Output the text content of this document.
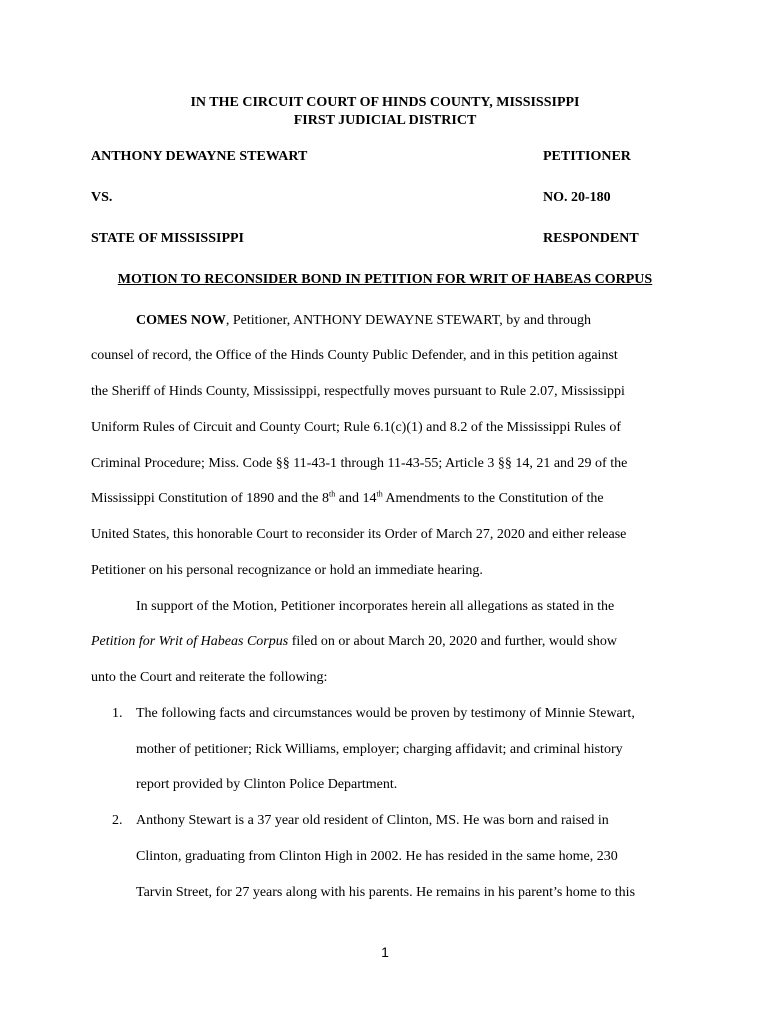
IN THE CIRCUIT COURT OF HINDS COUNTY, MISSISSIPPI
FIRST JUDICIAL DISTRICT
ANTHONY DEWAYNE STEWART	PETITIONER
VS.	NO. 20-180
STATE OF MISSISSIPPI	RESPONDENT
MOTION TO RECONSIDER BOND IN PETITION FOR WRIT OF HABEAS CORPUS
COMES NOW, Petitioner, ANTHONY DEWAYNE STEWART, by and through
counsel of record, the Office of the Hinds County Public Defender, and in this petition against
the Sheriff of Hinds County, Mississippi, respectfully moves pursuant to Rule 2.07, Mississippi
Uniform Rules of Circuit and County Court; Rule 6.1(c)(1) and 8.2 of the Mississippi Rules of
Criminal Procedure; Miss. Code §§ 11-43-1 through 11-43-55; Article 3 §§ 14, 21 and 29 of the
Mississippi Constitution of 1890 and the 8th and 14th Amendments to the Constitution of the
United States, this honorable Court to reconsider its Order of March 27, 2020 and either release
Petitioner on his personal recognizance or hold an immediate hearing.
In support of the Motion, Petitioner incorporates herein all allegations as stated in the
Petition for Writ of Habeas Corpus filed on or about March 20, 2020 and further, would show
unto the Court and reiterate the following:
1. The following facts and circumstances would be proven by testimony of Minnie Stewart,
mother of petitioner; Rick Williams, employer; charging affidavit; and criminal history
report provided by Clinton Police Department.
2. Anthony Stewart is a 37 year old resident of Clinton, MS. He was born and raised in
Clinton, graduating from Clinton High in 2002. He has resided in the same home, 230
Tarvin Street, for 27 years along with his parents. He remains in his parent’s home to this
1
